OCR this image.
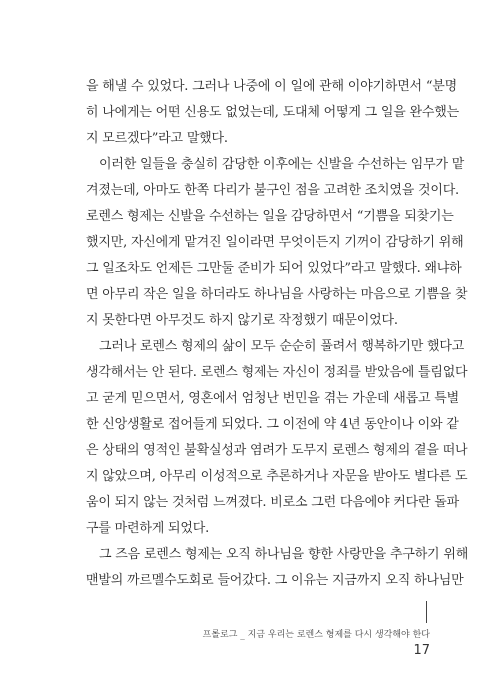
을 해낼 수 있었다. 그러나 나중에 이 일에 관해 이야기하면서 “분명
히 나에게는 어떤 신용도 없었는데, 도대체 어떻게 그 일을 완수했는
지 모르겠다”라고 말했다.
이러한 일들을 충실히 감당한 이후에는 신발을 수선하는 임무가 맡
겨졌는데, 아마도 한쪽 다리가 불구인 점을 고려한 조치였을 것이다.
로렌스 형제는 신발을 수선하는 일을 감당하면서 “기쁨을 되찾기는
했지만, 자신에게 맡겨진 일이라면 무엇이든지 기꺼이 감당하기 위해
그 일조차도 언제든 그만둘 준비가 되어 있었다”라고 말했다. 왜냐하
면 아무리 작은 일을 하더라도 하나님을 사랑하는 마음으로 기쁨을 찾
지 못한다면 아무것도 하지 않기로 작정했기 때문이었다.
그러나 로렌스 형제의 삶이 모두 순순히 풀려서 행복하기만 했다고
생각해서는 안 된다. 로렌스 형제는 자신이 정죄를 받았음에 틀림없다
고 굳게 믿으면서, 영혼에서 엄청난 번민을 겪는 가운데 새롭고 특별
한 신앙생활로 접어들게 되었다. 그 이전에 약 4년 동안이나 이와 같
은 상태의 영적인 불확실성과 염려가 도무지 로렌스 형제의 곁을 떠나
지 않았으며, 아무리 이성적으로 추론하거나 자문을 받아도 별다른 도
움이 되지 않는 것처럼 느껴졌다. 비로소 그런 다음에야 커다란 돌파
구를 마련하게 되었다.
그 즈음 로렌스 형제는 오직 하나님을 향한 사랑만을 추구하기 위해
맨발의 까르멜수도회로 들어갔다. 그 이유는 지금까지 오직 하나님만
프롤로그 _ 지금 우리는 로렌스 형제를 다시 생각해야 한다
17
